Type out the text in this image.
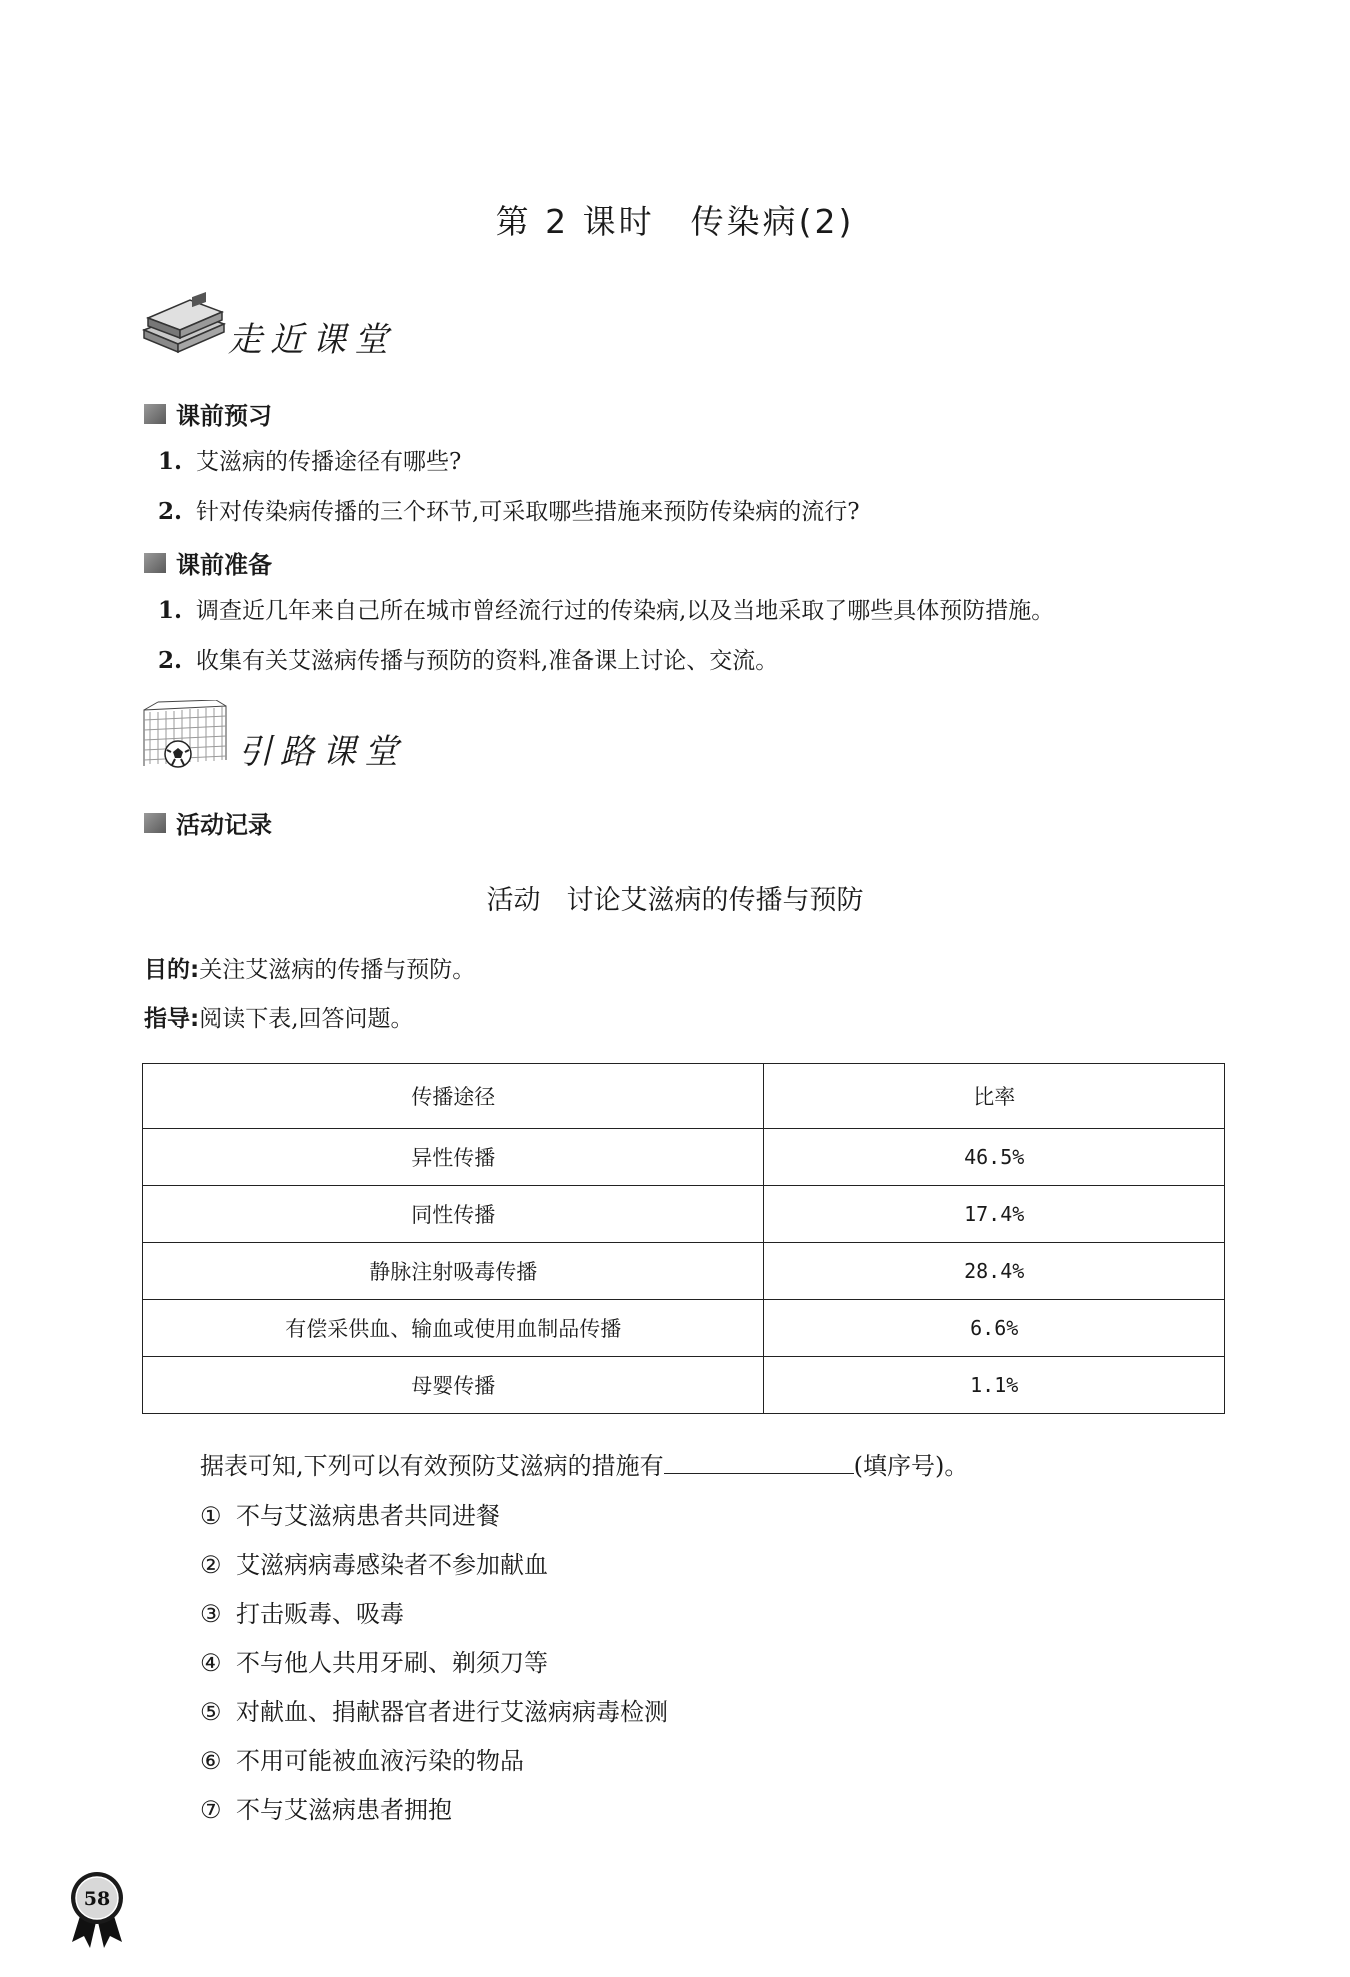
第 2 课时 传染病(2)
走近课堂
课前预习
1. 艾滋病的传播途径有哪些?
2. 针对传染病传播的三个环节,可采取哪些措施来预防传染病的流行?
课前准备
1. 调查近几年来自己所在城市曾经流行过的传染病,以及当地采取了哪些具体预防措施。
2. 收集有关艾滋病传播与预防的资料,准备课上讨论、交流。
引路课堂
活动记录
活动 讨论艾滋病的传播与预防
目的:关注艾滋病的传播与预防。
指导:阅读下表,回答问题。
传播途径	比率
异性传播	46.5%
同性传播	17.4%
静脉注射吸毒传播	28.4%
有偿采供血、输血或使用血制品传播	6.6%
母婴传播	1.1%
据表可知,下列可以有效预防艾滋病的措施有	(填序号)。
① 不与艾滋病患者共同进餐
② 艾滋病病毒感染者不参加献血
③ 打击贩毒、吸毒
④ 不与他人共用牙刷、剃须刀等
⑤ 对献血、捐献器官者进行艾滋病病毒检测
⑥ 不用可能被血液污染的物品
⑦ 不与艾滋病患者拥抱
58
